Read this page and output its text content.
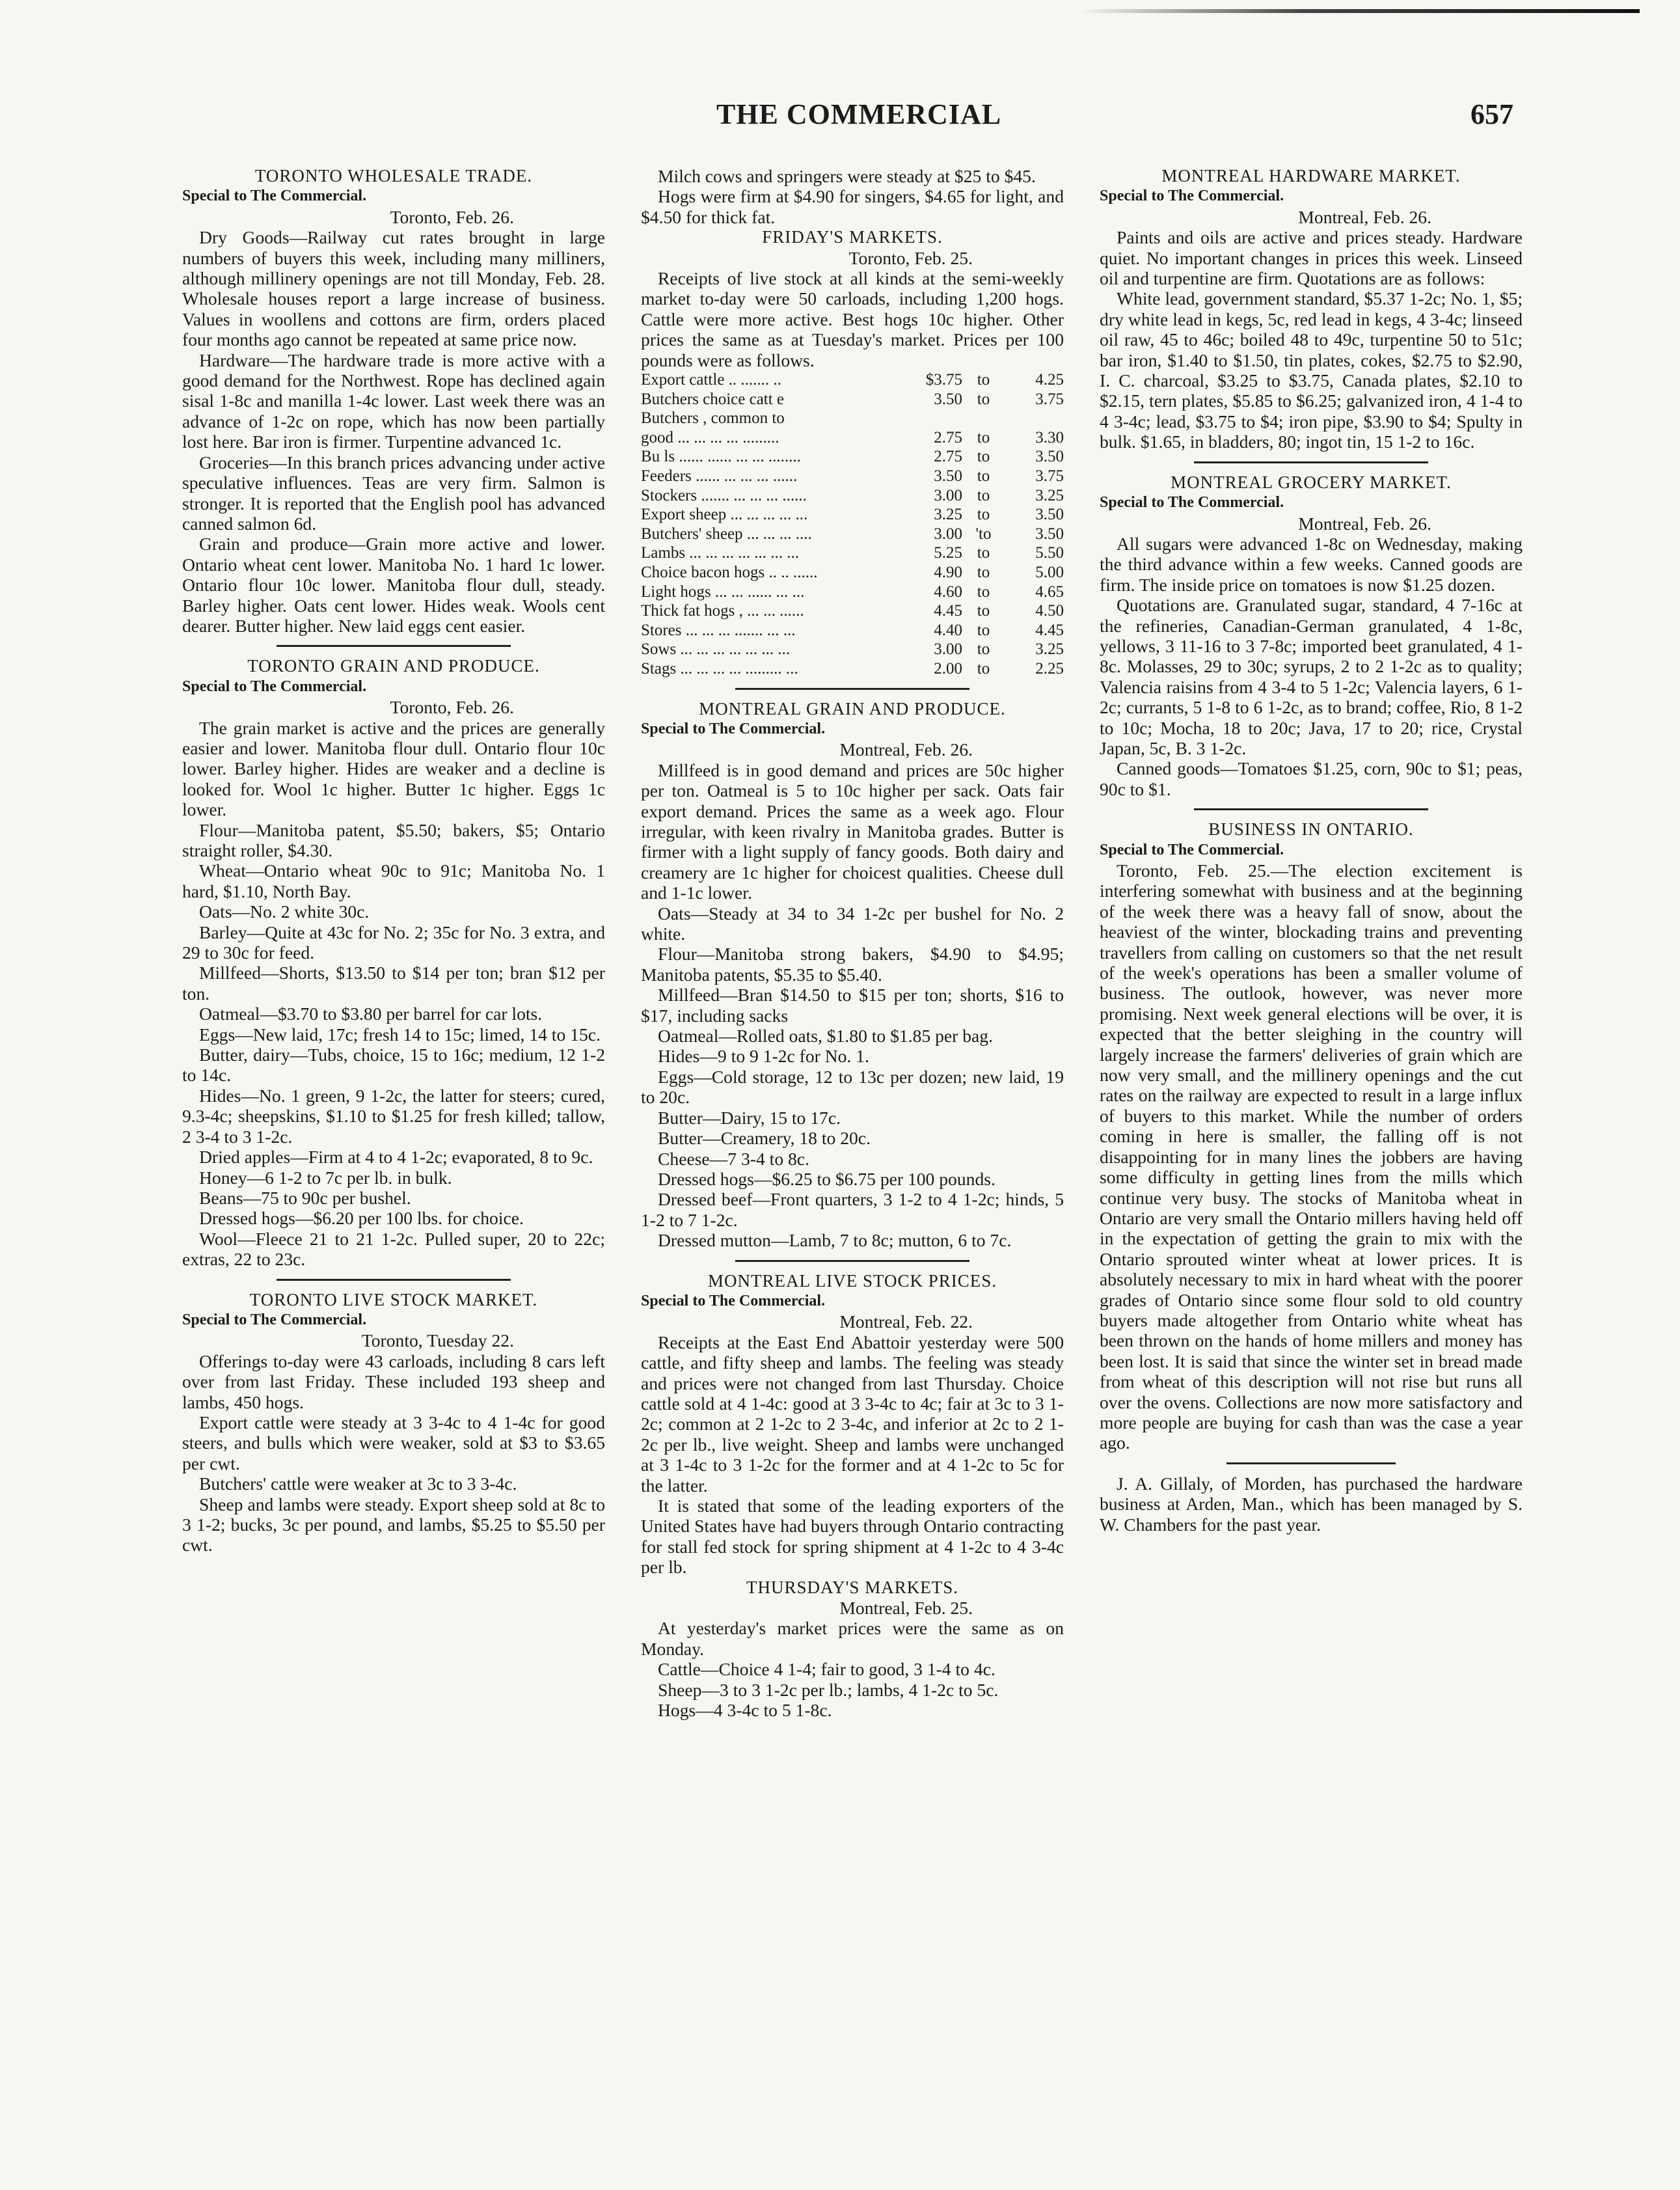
THE COMMERCIAL	657

TORONTO WHOLESALE TRADE.

Special to The Commercial.

Toronto, Feb. 26.

Dry Goods—Railway cut rates brought in large numbers of buyers this week, including many milliners, although millinery openings are not till Monday, Feb. 28. Wholesale houses report a large increase of business. Values in woollens and cottons are firm, orders placed four months ago cannot be repeated at same price now.

Hardware—The hardware trade is more active with a good demand for the Northwest. Rope has declined again sisal 1-8c and manilla 1-4c lower. Last week there was an advance of 1-2c on rope, which has now been partially lost here. Bar iron is firmer. Turpentine advanced 1c.

Groceries—In this branch prices advancing under active speculative influences. Teas are very firm. Salmon is stronger. It is reported that the English pool has advanced canned salmon 6d.

Grain and produce—Grain more active and lower. Ontario wheat cent lower. Manitoba No. 1 hard 1c lower. Ontario flour 10c lower. Manitoba flour dull, steady. Barley higher. Oats cent lower. Hides weak. Wools cent dearer. Butter higher. New laid eggs cent easier.

TORONTO GRAIN AND PRODUCE.

Special to The Commercial.

Toronto, Feb. 26.

The grain market is active and the prices are generally easier and lower. Manitoba flour dull. Ontario flour 10c lower. Barley higher. Hides are weaker and a decline is looked for. Wool 1c higher. Butter 1c higher. Eggs 1c lower.

Flour—Manitoba patent, $5.50; bakers, $5; Ontario straight roller, $4.30.

Wheat—Ontario wheat 90c to 91c; Manitoba No. 1 hard, $1.10, North Bay.

Oats—No. 2 white 30c.

Barley—Quite at 43c for No. 2; 35c for No. 3 extra, and 29 to 30c for feed.

Millfeed—Shorts, $13.50 to $14 per ton; bran $12 per ton.

Oatmeal—$3.70 to $3.80 per barrel for car lots.

Eggs—New laid, 17c; fresh 14 to 15c; limed, 14 to 15c.

Butter, dairy—Tubs, choice, 15 to 16c; medium, 12 1-2 to 14c.

Hides—No. 1 green, 9 1-2c, the latter for steers; cured, 9.3-4c; sheepskins, $1.10 to $1.25 for fresh killed; tallow, 2 3-4 to 3 1-2c.

Dried apples—Firm at 4 to 4 1-2c; evaporated, 8 to 9c.

Honey—6 1-2 to 7c per lb. in bulk.

Beans—75 to 90c per bushel.

Dressed hogs—$6.20 per 100 lbs. for choice.

Wool—Fleece 21 to 21 1-2c. Pulled super, 20 to 22c; extras, 22 to 23c.

TORONTO LIVE STOCK MARKET.

Special to The Commercial.

Toronto, Tuesday 22.

Offerings to-day were 43 carloads, including 8 cars left over from last Friday. These included 193 sheep and lambs, 450 hogs.

Export cattle were steady at 3 3-4c to 4 1-4c for good steers, and bulls which were weaker, sold at $3 to $3.65 per cwt.

Butchers' cattle were weaker at 3c to 3 3-4c.

Sheep and lambs were steady. Export sheep sold at 8c to 3 1-2; bucks, 3c per pound, and lambs, $5.25 to $5.50 per cwt.

Milch cows and springers were steady at $25 to $45.

Hogs were firm at $4.90 for singers, $4.65 for light, and $4.50 for thick fat.

FRIDAY'S MARKETS.

Toronto, Feb. 25.

Receipts of live stock at all kinds at the semi-weekly market to-day were 50 carloads, including 1,200 hogs. Cattle were more active. Best hogs 10c higher. Other prices the same as at Tuesday's market. Prices per 100 pounds were as follows.

Export cattle .. ....... ..	$3.75	to	4.25
Butchers choice catt e	3.50	to	3.75
Butchers , common to			
good ... ... ... ... .........	2.75	to	3.30
Bu ls ...... ...... ... ... ........	2.75	to	3.50
Feeders ...... ... ... ... ......	3.50	to	3.75
Stockers ....... ... ... ... ......	3.00	to	3.25
Export sheep ... ... ... ... ...	3.25	to	3.50
Butchers' sheep ... ... ... ....	3.00	'to	3.50
Lambs ... ... ... ... ... ... ...	5.25	to	5.50
Choice bacon hogs .. .. ......	4.90	to	5.00
Light hogs ... ... ...... ... ...	4.60	to	4.65
Thick fat hogs , ... ... ......	4.45	to	4.50
Stores ... ... ... ....... ... ...	4.40	to	4.45
Sows ... ... ... ... ... ... ...	3.00	to	3.25
Stags ... ... ... ... ......... ...	2.00	to	2.25

MONTREAL GRAIN AND PRODUCE.

Special to The Commercial.

Montreal, Feb. 26.

Millfeed is in good demand and prices are 50c higher per ton. Oatmeal is 5 to 10c higher per sack. Oats fair export demand. Prices the same as a week ago. Flour irregular, with keen rivalry in Manitoba grades. Butter is firmer with a light supply of fancy goods. Both dairy and creamery are 1c higher for choicest qualities. Cheese dull and 1-1c lower.

Oats—Steady at 34 to 34 1-2c per bushel for No. 2 white.

Flour—Manitoba strong bakers, $4.90 to $4.95; Manitoba patents, $5.35 to $5.40.

Millfeed—Bran $14.50 to $15 per ton; shorts, $16 to $17, including sacks

Oatmeal—Rolled oats, $1.80 to $1.85 per bag.

Hides—9 to 9 1-2c for No. 1.

Eggs—Cold storage, 12 to 13c per dozen; new laid, 19 to 20c.

Butter—Dairy, 15 to 17c.

Butter—Creamery, 18 to 20c.

Cheese—7 3-4 to 8c.

Dressed hogs—$6.25 to $6.75 per 100 pounds.

Dressed beef—Front quarters, 3 1-2 to 4 1-2c; hinds, 5 1-2 to 7 1-2c.

Dressed mutton—Lamb, 7 to 8c; mutton, 6 to 7c.

MONTREAL LIVE STOCK PRICES.

Special to The Commercial.

Montreal, Feb. 22.

Receipts at the East End Abattoir yesterday were 500 cattle, and fifty sheep and lambs. The feeling was steady and prices were not changed from last Thursday. Choice cattle sold at 4 1-4c: good at 3 3-4c to 4c; fair at 3c to 3 1-2c; common at 2 1-2c to 2 3-4c, and inferior at 2c to 2 1-2c per lb., live weight. Sheep and lambs were unchanged at 3 1-4c to 3 1-2c for the former and at 4 1-2c to 5c for the latter.

It is stated that some of the leading exporters of the United States have had buyers through Ontario contracting for stall fed stock for spring shipment at 4 1-2c to 4 3-4c per lb.

THURSDAY'S MARKETS.

Montreal, Feb. 25.

At yesterday's market prices were the same as on Monday.

Cattle—Choice 4 1-4; fair to good, 3 1-4 to 4c.

Sheep—3 to 3 1-2c per lb.; lambs, 4 1-2c to 5c.

Hogs—4 3-4c to 5 1-8c.

MONTREAL HARDWARE MARKET.

Special to The Commercial.

Montreal, Feb. 26.

Paints and oils are active and prices steady. Hardware quiet. No important changes in prices this week. Linseed oil and turpentine are firm. Quotations are as follows:

White lead, government standard, $5.37 1-2c; No. 1, $5; dry white lead in kegs, 5c, red lead in kegs, 4 3-4c; linseed oil raw, 45 to 46c; boiled 48 to 49c, turpentine 50 to 51c; bar iron, $1.40 to $1.50, tin plates, cokes, $2.75 to $2.90, I. C. charcoal, $3.25 to $3.75, Canada plates, $2.10 to $2.15, tern plates, $5.85 to $6.25; galvanized iron, 4 1-4 to 4 3-4c; lead, $3.75 to $4; iron pipe, $3.90 to $4; Spulty in bulk. $1.65, in bladders, 80; ingot tin, 15 1-2 to 16c.

MONTREAL GROCERY MARKET.

Special to The Commercial.

Montreal, Feb. 26.

All sugars were advanced 1-8c on Wednesday, making the third advance within a few weeks. Canned goods are firm. The inside price on tomatoes is now $1.25 dozen.

Quotations are. Granulated sugar, standard, 4 7-16c at the refineries, Canadian-German granulated, 4 1-8c, yellows, 3 11-16 to 3 7-8c; imported beet granulated, 4 1-8c. Molasses, 29 to 30c; syrups, 2 to 2 1-2c as to quality; Valencia raisins from 4 3-4 to 5 1-2c; Valencia layers, 6 1-2c; currants, 5 1-8 to 6 1-2c, as to brand; coffee, Rio, 8 1-2 to 10c; Mocha, 18 to 20c; Java, 17 to 20; rice, Crystal Japan, 5c, B. 3 1-2c.

Canned goods—Tomatoes $1.25, corn, 90c to $1; peas, 90c to $1.

BUSINESS IN ONTARIO.

Special to The Commercial.

Toronto, Feb. 25.—The election excitement is interfering somewhat with business and at the beginning of the week there was a heavy fall of snow, about the heaviest of the winter, blockading trains and preventing travellers from calling on customers so that the net result of the week's operations has been a smaller volume of business. The outlook, however, was never more promising. Next week general elections will be over, it is expected that the better sleighing in the country will largely increase the farmers' deliveries of grain which are now very small, and the millinery openings and the cut rates on the railway are expected to result in a large influx of buyers to this market. While the number of orders coming in here is smaller, the falling off is not disappointing for in many lines the jobbers are having some difficulty in getting lines from the mills which continue very busy. The stocks of Manitoba wheat in Ontario are very small the Ontario millers having held off in the expectation of getting the grain to mix with the Ontario sprouted winter wheat at lower prices. It is absolutely necessary to mix in hard wheat with the poorer grades of Ontario since some flour sold to old country buyers made altogether from Ontario white wheat has been thrown on the hands of home millers and money has been lost. It is said that since the winter set in bread made from wheat of this description will not rise but runs all over the ovens. Collections are now more satisfactory and more people are buying for cash than was the case a year ago.

J. A. Gillaly, of Morden, has purchased the hardware business at Arden, Man., which has been managed by S. W. Chambers for the past year.
